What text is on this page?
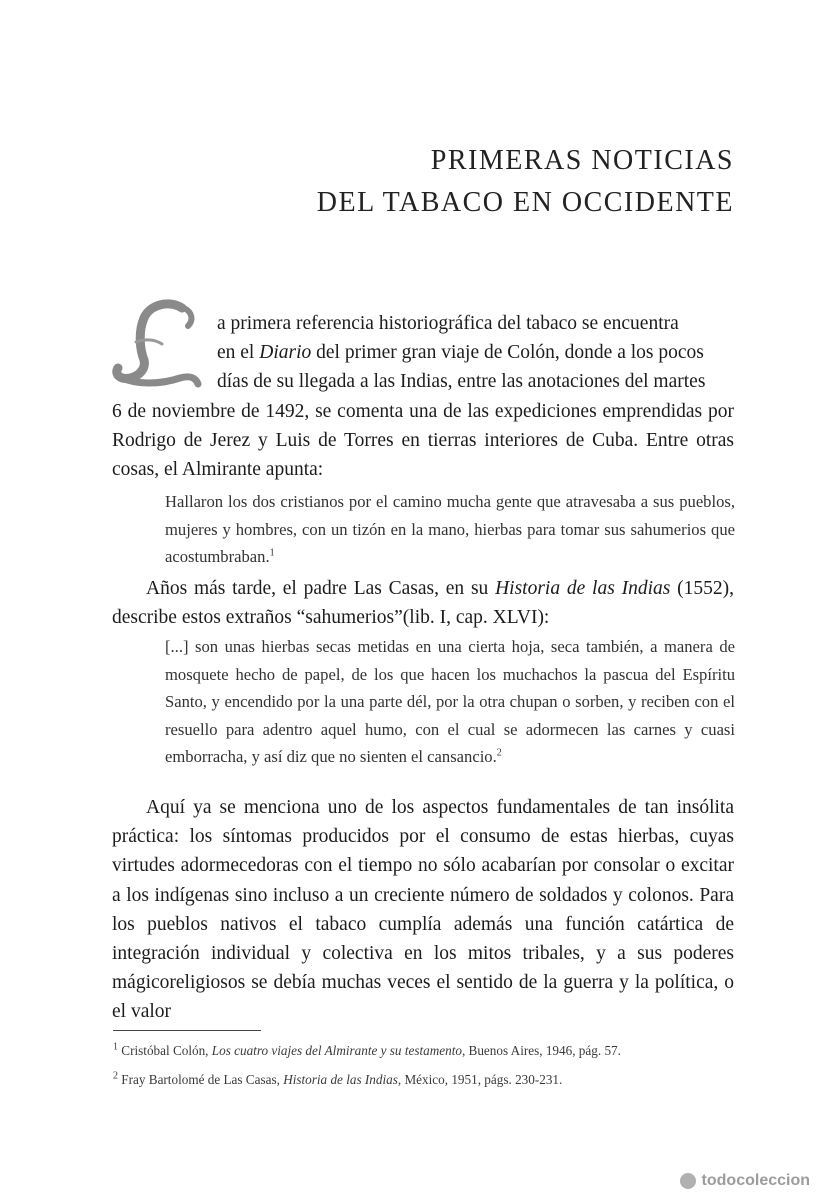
PRIMERAS NOTICIAS
DEL TABACO EN OCCIDENTE
a primera referencia historiográfica del tabaco se encuentra
en el Diario del primer gran viaje de Colón, donde a los pocos
días de su llegada a las Indias, entre las anotaciones del martes
6 de noviembre de 1492, se comenta una de las expediciones emprendidas por Rodrigo de Jerez y Luis de Torres en tierras interiores de Cuba. Entre otras cosas, el Almirante apunta:
Hallaron los dos cristianos por el camino mucha gente que atravesaba a sus pueblos, mujeres y hombres, con un tizón en la mano, hierbas para tomar sus sahumerios que acostumbraban.$^1$
Años más tarde, el padre Las Casas, en su Historia de las Indias (1552), describe estos extraños “sahumerios”(lib. I, cap. XLVI):
[...] son unas hierbas secas metidas en una cierta hoja, seca también, a manera de mosquete hecho de papel, de los que hacen los muchachos la pascua del Espíritu Santo, y encendido por la una parte dél, por la otra chupan o sorben, y reciben con el resuello para adentro aquel humo, con el cual se adormecen las carnes y cuasi emborracha, y así diz que no sienten el cansancio.$^2$
Aquí ya se menciona uno de los aspectos fundamentales de tan insólita práctica: los síntomas producidos por el consumo de estas hierbas, cuyas virtudes adormecedoras con el tiempo no sólo acabarían por consolar o excitar a los indígenas sino incluso a un creciente número de soldados y colonos. Para los pueblos nativos el tabaco cumplía además una función catártica de integración individual y colectiva en los mitos tribales, y a sus poderes mágicoreligiosos se debía muchas veces el sentido de la guerra y la política, o el valor
$^1$ Cristóbal Colón, Los cuatro viajes del Almirante y su testamento, Buenos Aires, 1946, pág. 57.
$^2$ Fray Bartolomé de Las Casas, Historia de las Indias, México, 1951, págs. 230-231.
todocoleccion
